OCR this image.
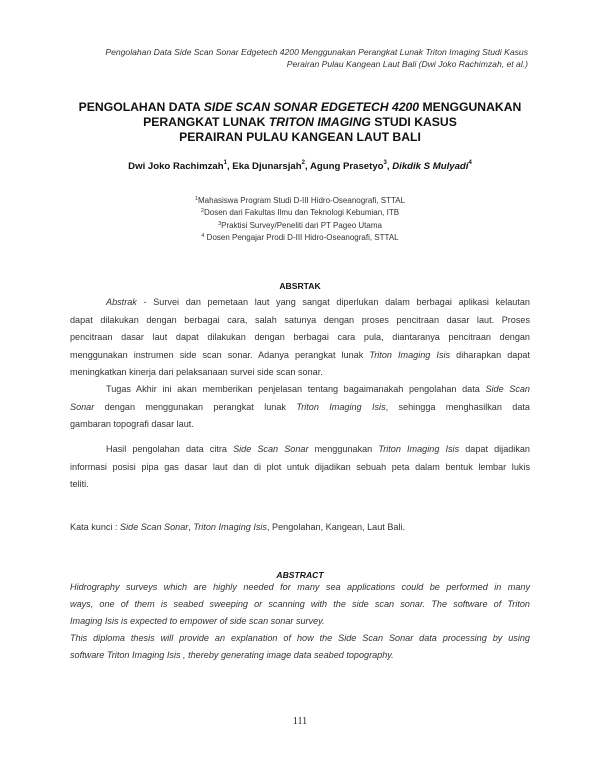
Pengolahan Data Side Scan Sonar Edgetech 4200 Menggunakan Perangkat Lunak Triton Imaging Studi Kasus
Perairan Pulau Kangean Laut Bali (Dwi Joko Rachimzah, et al.)
PENGOLAHAN DATA SIDE SCAN SONAR EDGETECH 4200 MENGGUNAKAN
PERANGKAT LUNAK TRITON IMAGING STUDI KASUS
PERAIRAN PULAU KANGEAN LAUT BALI
Dwi Joko Rachimzah$^1$, Eka Djunarsjah$^2$, Agung Prasetyo$^3$, Dikdik S Mulyadi$^4$
$^1$Mahasiswa Program Studi D-III Hidro-Oseanografi, STTAL
$^2$Dosen dari Fakultas Ilmu dan Teknologi Kebumian, ITB
$^3$Praktisi Survey/Peneliti dari PT Pageo Utama
$^4$ Dosen Pengajar Prodi D-III Hidro-Oseanografi, STTAL
ABSRTAK
Abstrak - Survei dan pemetaan laut yang sangat diperlukan dalam berbagai aplikasi kelautan
dapat dilakukan dengan berbagai cara, salah satunya dengan proses pencitraan dasar laut. Proses
pencitraan dasar laut dapat dilakukan dengan berbagai cara pula, diantaranya pencitraan dengan
menggunakan instrumen side scan sonar. Adanya perangkat lunak Triton Imaging Isis diharapkan dapat
meningkatkan kinerja dari pelaksanaan survei side scan sonar.
Tugas Akhir ini akan memberikan penjelasan tentang bagaimanakah pengolahan data Side Scan
Sonar dengan menggunakan perangkat lunak Triton Imaging Isis, sehingga menghasilkan data
gambaran topografi dasar laut.
Hasil pengolahan data citra Side Scan Sonar menggunakan Triton Imaging Isis dapat dijadikan
informasi posisi pipa gas dasar laut dan di plot untuk dijadikan sebuah peta dalam bentuk lembar lukis
teliti.
Kata kunci : Side Scan Sonar, Triton Imaging Isis, Pengolahan, Kangean, Laut Bali.
ABSTRACT
Hidrography surveys which are highly needed for many sea applications could be performed in many
ways, one of them is seabed sweeping or scanning with the side scan sonar. The software of Triton
Imaging Isis is expected to empower of side scan sonar survey.
This diploma thesis will provide an explanation of how the Side Scan Sonar data processing by using
software Triton Imaging Isis , thereby generating image data seabed topography.
111
